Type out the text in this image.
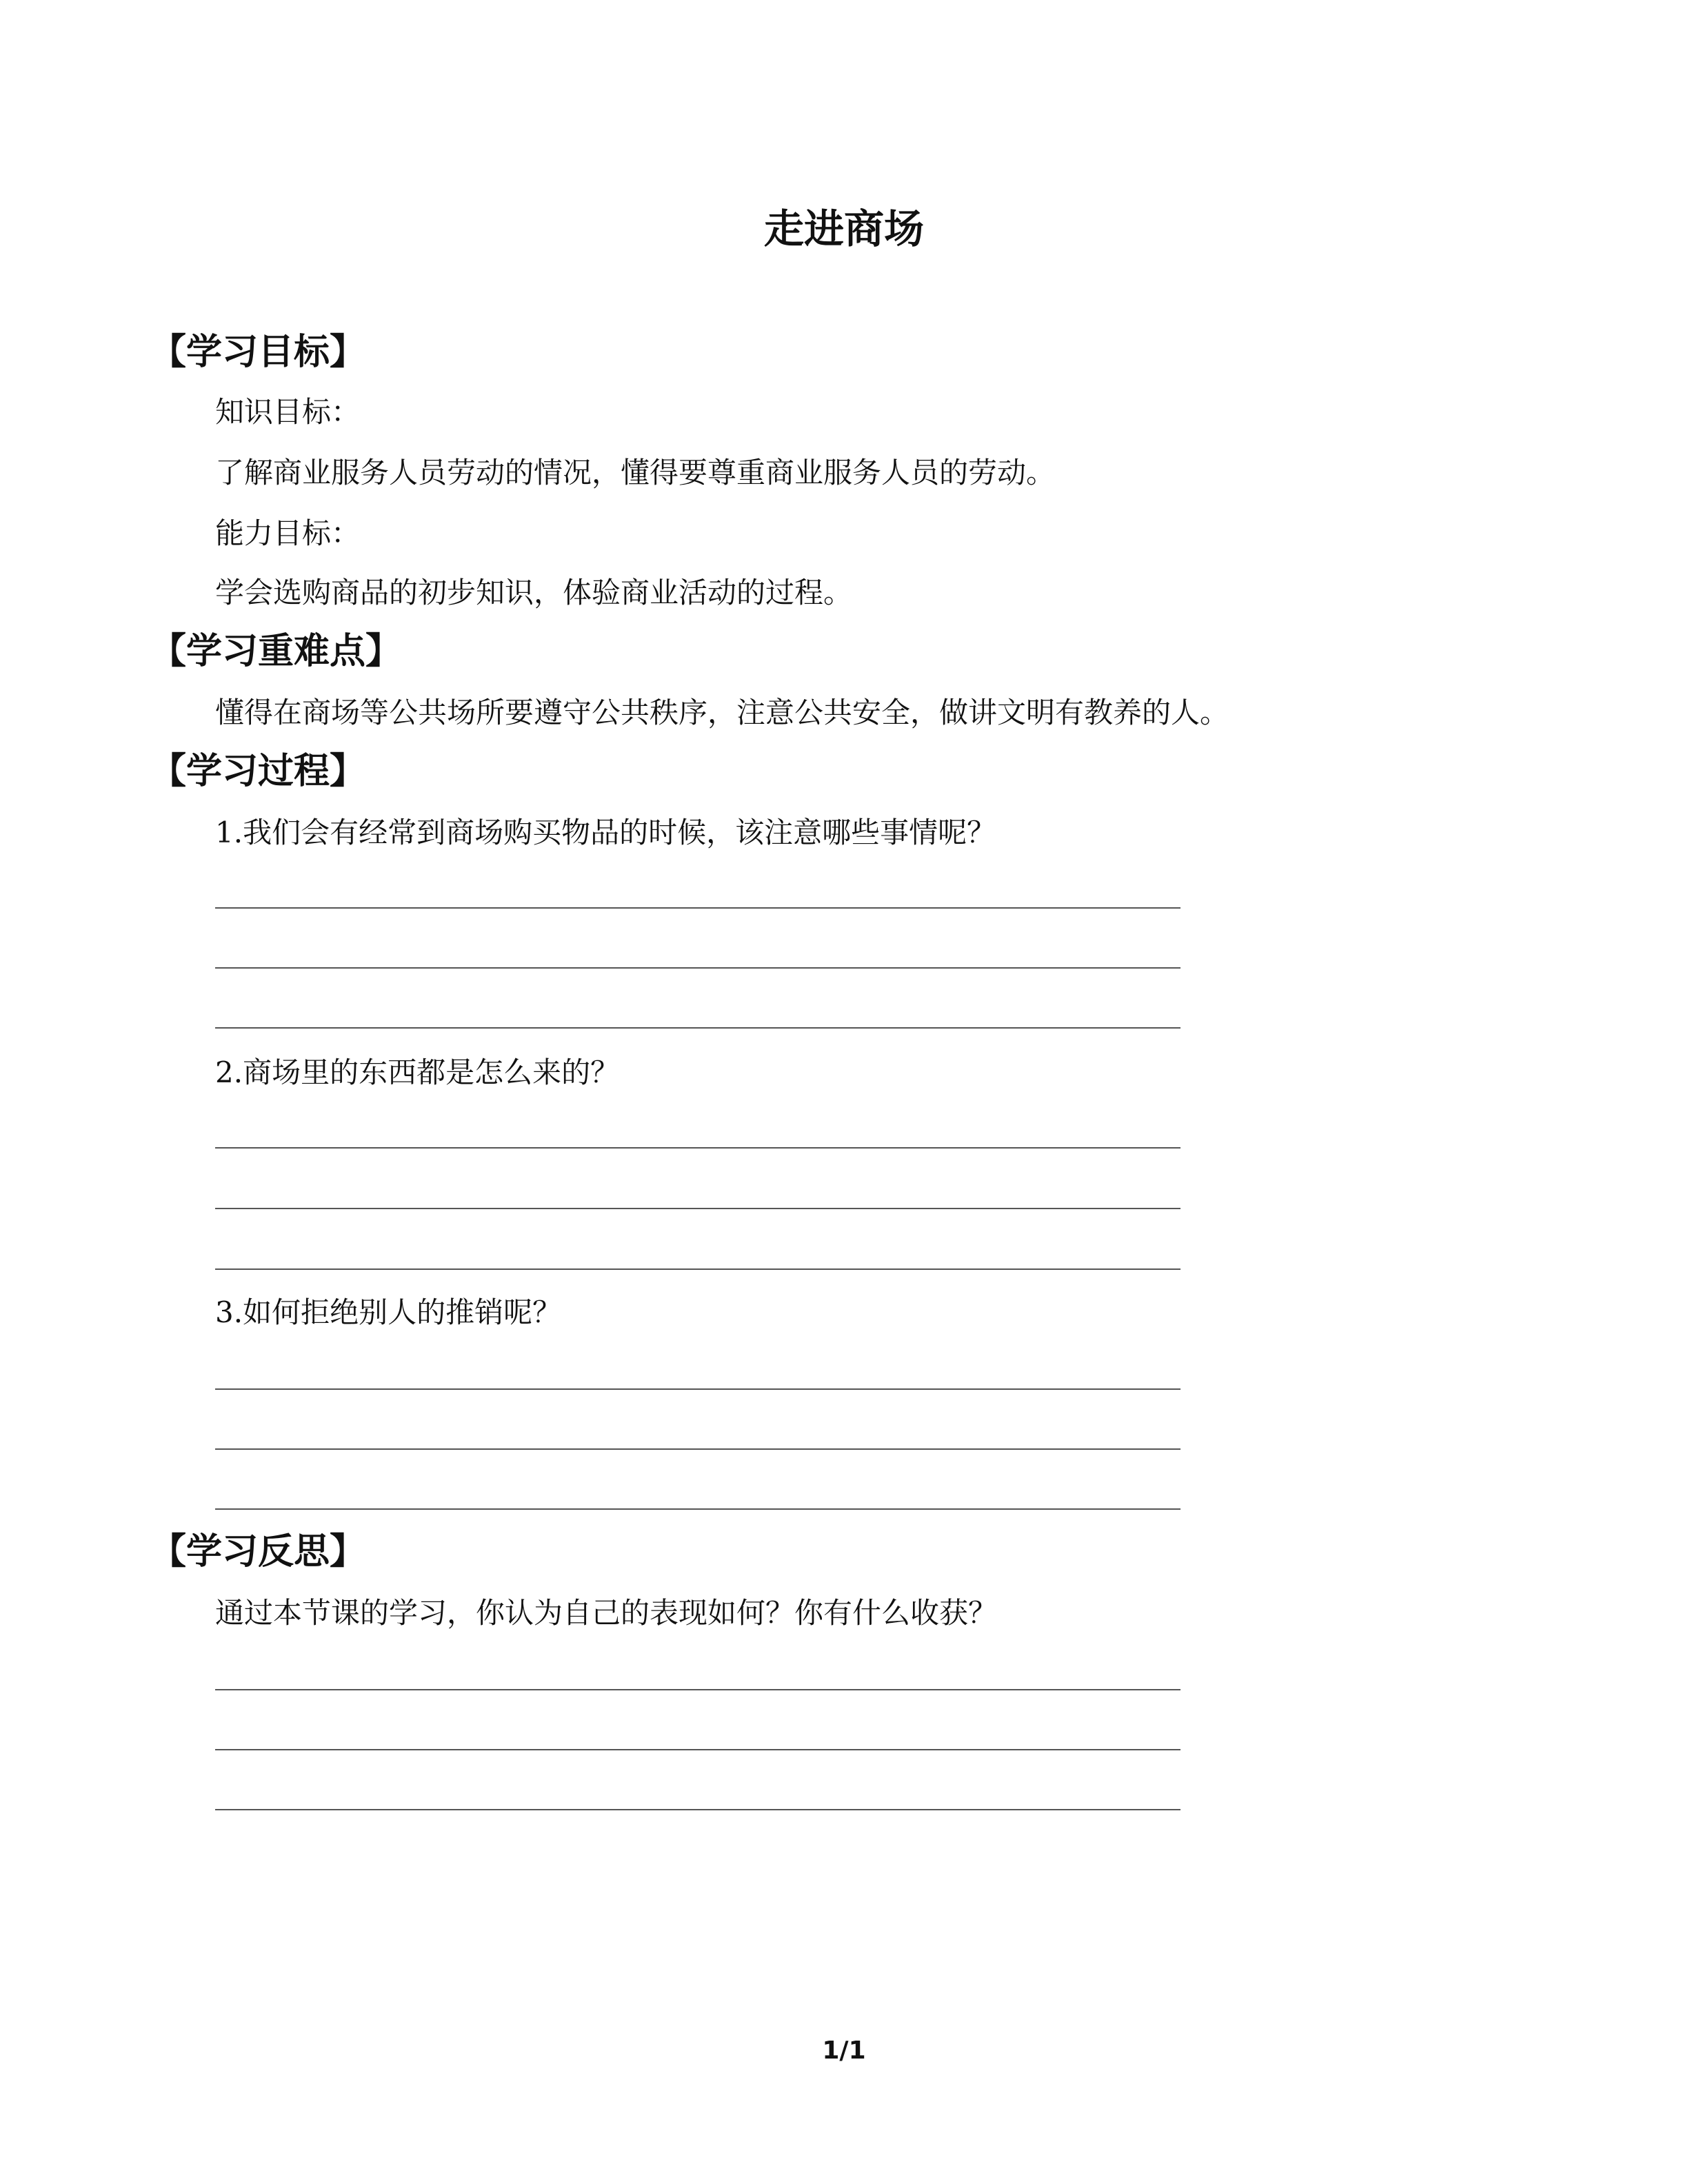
走进商场
【学习目标】

知识目标：

了解商业服务人员劳动的情况，懂得要尊重商业服务人员的劳动。

能力目标：

学会选购商品的初步知识，体验商业活动的过程。

【学习重难点】

懂得在商场等公共场所要遵守公共秩序，注意公共安全，做讲文明有教养的人。

【学习过程】

1.我们会有经常到商场购买物品的时候，该注意哪些事情呢？

2.商场里的东西都是怎么来的？

3.如何拒绝别人的推销呢？

【学习反思】

通过本节课的学习，你认为自己的表现如何？你有什么收获？

1/1
